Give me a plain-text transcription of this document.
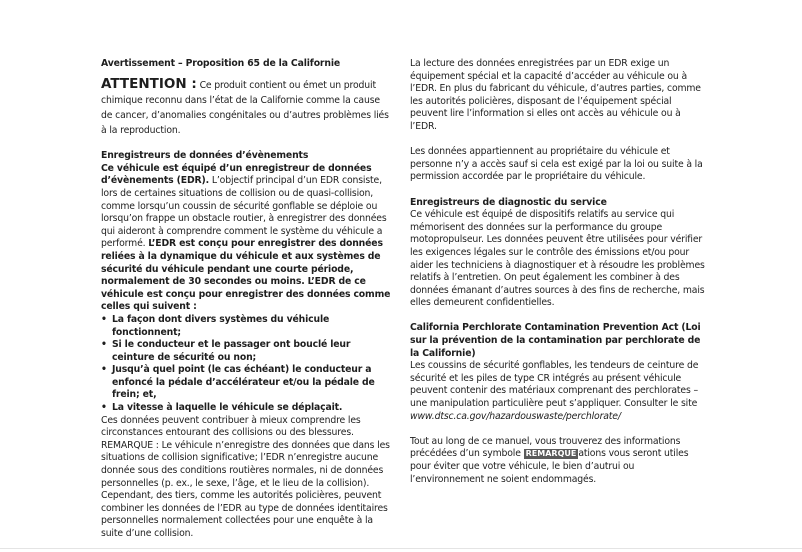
Avertissement – Proposition 65 de la Californie

ATTENTION : Ce produit contient ou émet un produit chimique reconnu dans l’état de la Californie comme la cause de cancer, d’anomalies congénitales ou d’autres problèmes liés à la reproduction.

Enregistreurs de données d’évènements

Ce véhicule est équipé d’un enregistreur de données d’évènements (EDR). L’objectif principal d’un EDR consiste, lors de certaines situations de collision ou de quasi-collision, comme lorsqu’un coussin de sécurité gonflable se déploie ou lorsqu’on frappe un obstacle routier, à enregistrer des données qui aideront à comprendre comment le système du véhicule a performé. L’EDR est conçu pour enregistrer des données reliées à la dynamique du véhicule et aux systèmes de sécurité du véhicule pendant une courte période, normalement de 30 secondes ou moins. L’EDR de ce véhicule est conçu pour enregistrer des données comme celles qui suivent :

• La façon dont divers systèmes du véhicule fonctionnent;
• Si le conducteur et le passager ont bouclé leur ceinture de sécurité ou non;
• Jusqu’à quel point (le cas échéant) le conducteur a enfoncé la pédale d’accélérateur et/ou la pédale de frein; et,
• La vitesse à laquelle le véhicule se déplaçait.

Ces données peuvent contribuer à mieux comprendre les circonstances entourant des collisions ou des blessures. REMARQUE : Le véhicule n’enregistre des données que dans les situations de collision significative; l’EDR n’enregistre aucune donnée sous des conditions routières normales, ni de données personnelles (p. ex., le sexe, l’âge, et le lieu de la collision). Cependant, des tiers, comme les autorités policières, peuvent combiner les données de l’EDR au type de données identitaires personnelles normalement collectées pour une enquête à la suite d’une collision.

La lecture des données enregistrées par un EDR exige un équipement spécial et la capacité d’accéder au véhicule ou à l’EDR. En plus du fabricant du véhicule, d’autres parties, comme les autorités policières, disposant de l’équipement spécial peuvent lire l’information si elles ont accès au véhicule ou à l’EDR.

Les données appartiennent au propriétaire du véhicule et personne n’y a accès sauf si cela est exigé par la loi ou suite à la permission accordée par le propriétaire du véhicule.

Enregistreurs de diagnostic du service

Ce véhicule est équipé de dispositifs relatifs au service qui mémorisent des données sur la performance du groupe motopropulseur. Les données peuvent être utilisées pour vérifier les exigences légales sur le contrôle des émissions et/ou pour aider les techniciens à diagnostiquer et à résoudre les problèmes relatifs à l’entretien. On peut également les combiner à des données émanant d’autres sources à des fins de recherche, mais elles demeurent confidentielles.

California Perchlorate Contamination Prevention Act (Loi sur la prévention de la contamination par perchlorate de la Californie)

Les coussins de sécurité gonflables, les tendeurs de ceinture de sécurité et les piles de type CR intégrés au présent véhicule peuvent contenir des matériaux comprenant des perchlorates – une manipulation particulière peut s’appliquer. Consulter le site www.dtsc.ca.gov/hazardouswaste/perchlorate/

Tout au long de ce manuel, vous trouverez des informations précédées d’un symbole REMARQUE ations vous seront utiles pour éviter que votre véhicule, le bien d’autrui ou l’environnement ne soient endommagés.
